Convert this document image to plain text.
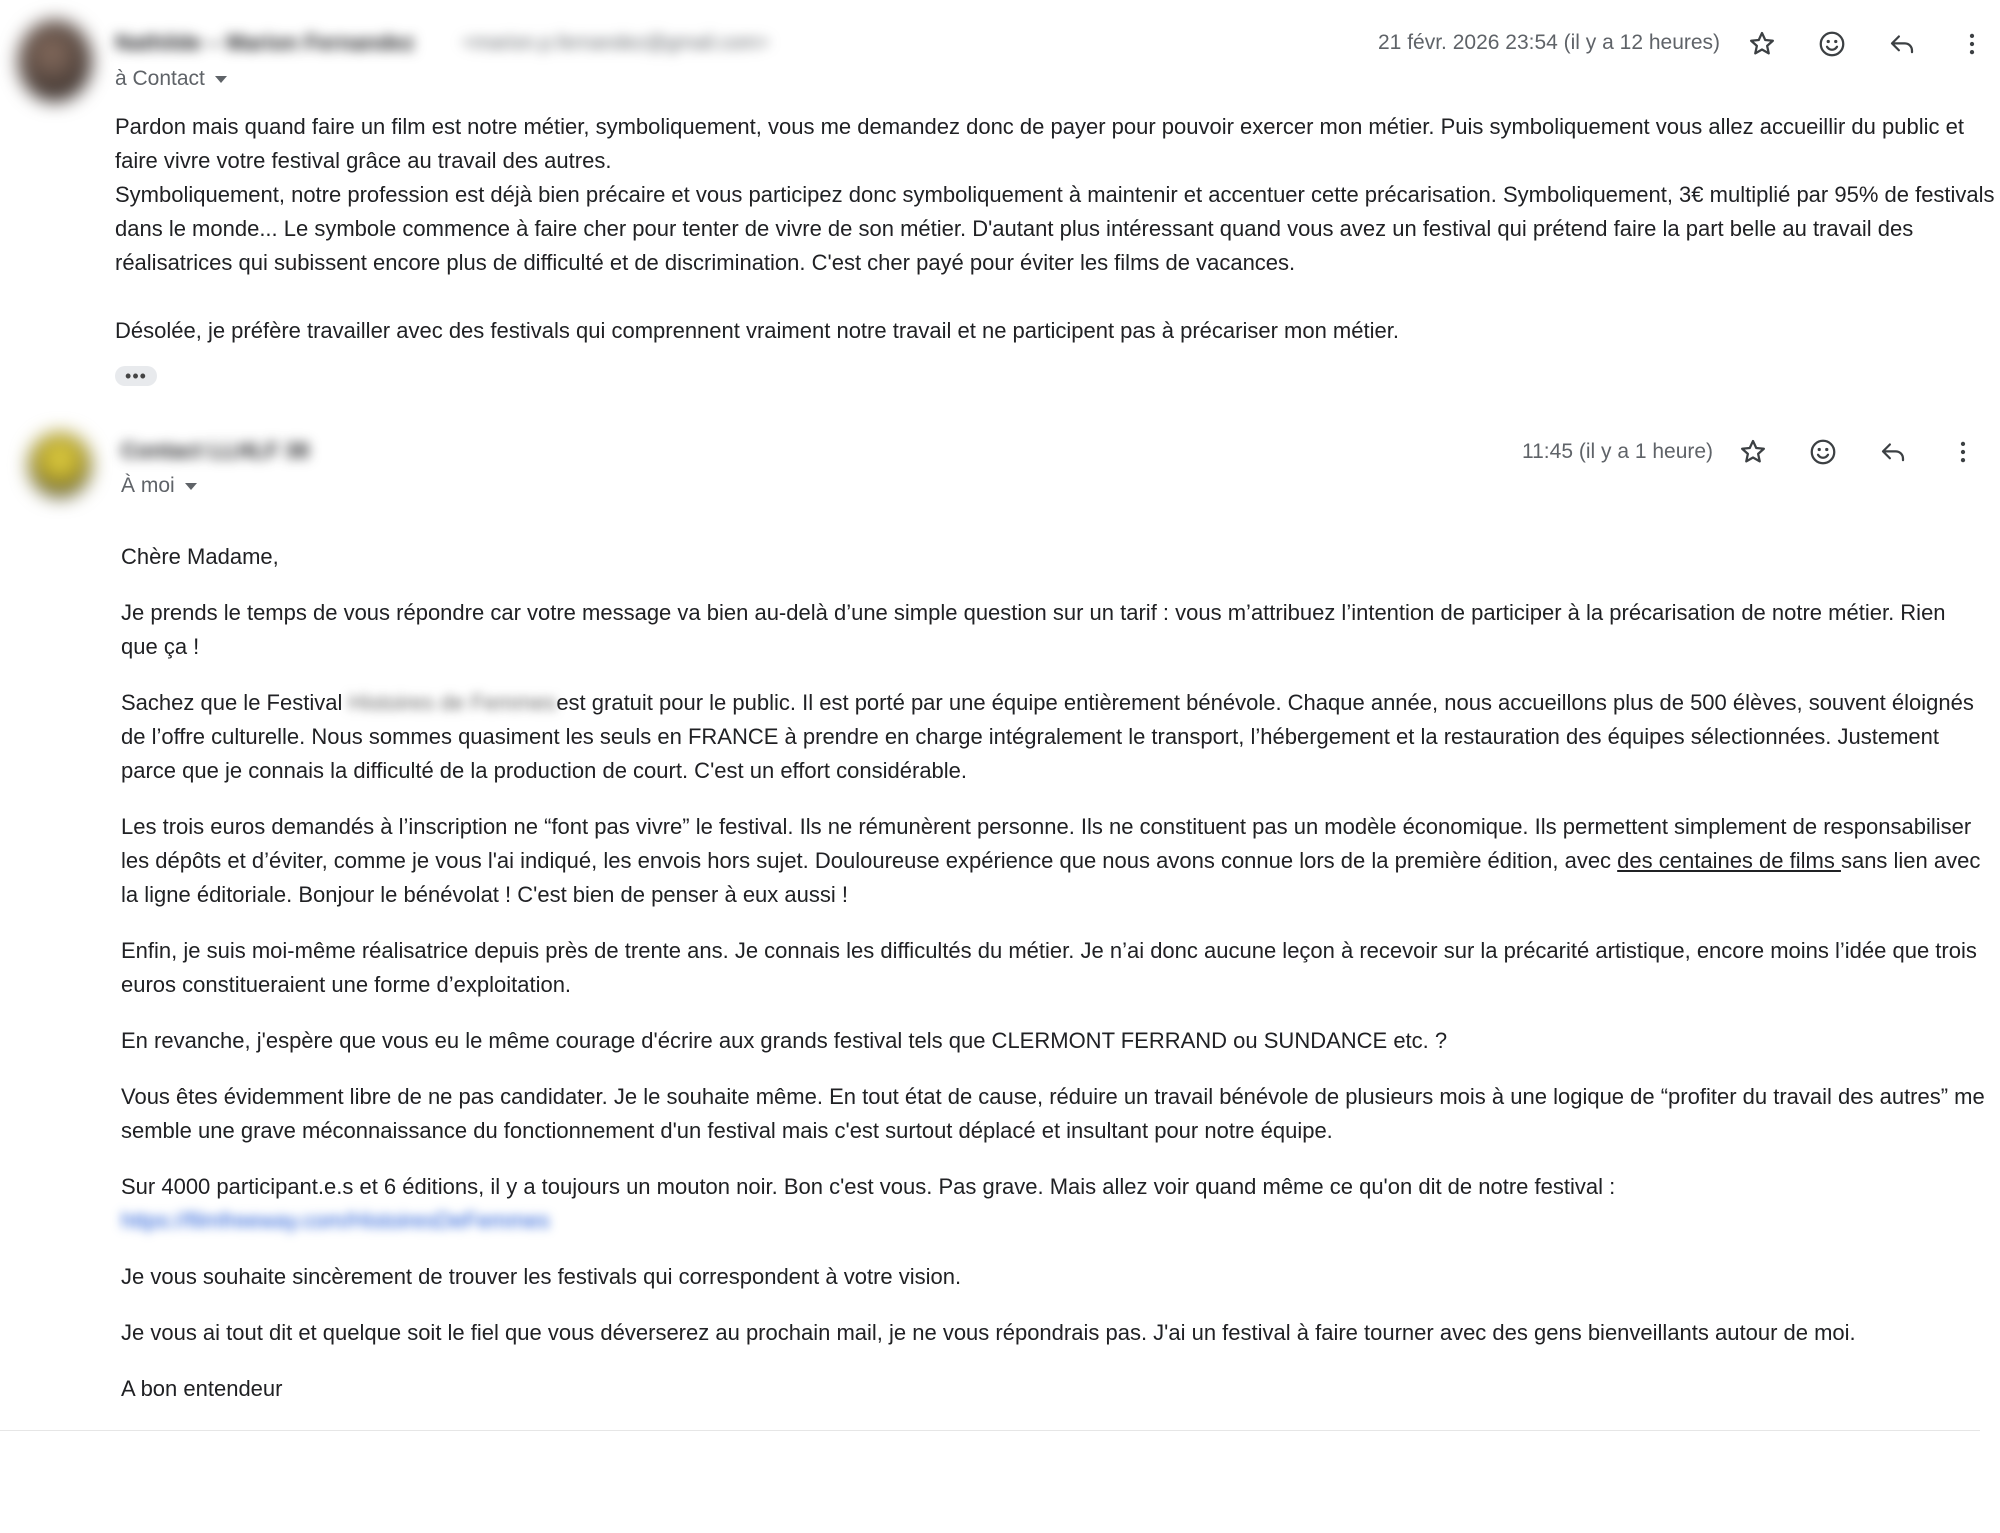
Nathilde – Marion Fernandez <marion.p.fernandez@gmail.com>
à Contact
21 févr. 2026 23:54 (il y a 12 heures)

Pardon mais quand faire un film est notre métier, symboliquement, vous me demandez donc de payer pour pouvoir exercer mon métier. Puis symboliquement vous allez accueillir du public et faire vivre votre festival grâce au travail des autres.

Symboliquement, notre profession est déjà bien précaire et vous participez donc symboliquement à maintenir et accentuer cette précarisation. Symboliquement, 3€ multiplié par 95% de festivals dans le monde... Le symbole commence à faire cher pour tenter de vivre de son métier. D'autant plus intéressant quand vous avez un festival qui prétend faire la part belle au travail des réalisatrices qui subissent encore plus de difficulté et de discrimination. C'est cher payé pour éviter les films de vacances.

Désolée, je préfère travailler avec des festivals qui comprennent vraiment notre travail et ne participent pas à précariser mon métier.

•••
Contact LLHLF 38
À moi
11:45 (il y a 1 heure)

Chère Madame,

Je prends le temps de vous répondre car votre message va bien au-delà d’une simple question sur un tarif : vous m’attribuez l’intention de participer à la précarisation de notre métier. Rien que ça !

Sachez que le Festival Histoires de Femmesest gratuit pour le public. Il est porté par une équipe entièrement bénévole. Chaque année, nous accueillons plus de 500 élèves, souvent éloignés de l’offre culturelle. Nous sommes quasiment les seuls en FRANCE à prendre en charge intégralement le transport, l’hébergement et la restauration des équipes sélectionnées. Justement parce que je connais la difficulté de la production de court. C'est un effort considérable.

Les trois euros demandés à l’inscription ne “font pas vivre” le festival. Ils ne rémunèrent personne. Ils ne constituent pas un modèle économique. Ils permettent simplement de responsabiliser les dépôts et d’éviter, comme je vous l'ai indiqué, les envois hors sujet. Douloureuse expérience que nous avons connue lors de la première édition, avec des centaines de films sans lien avec la ligne éditoriale. Bonjour le bénévolat ! C'est bien de penser à eux aussi !

Enfin, je suis moi-même réalisatrice depuis près de trente ans. Je connais les difficultés du métier. Je n’ai donc aucune leçon à recevoir sur la précarité artistique, encore moins l’idée que trois euros constitueraient une forme d’exploitation.

En revanche, j'espère que vous eu le même courage d'écrire aux grands festival tels que CLERMONT FERRAND ou SUNDANCE etc. ?

Vous êtes évidemment libre de ne pas candidater. Je le souhaite même. En tout état de cause, réduire un travail bénévole de plusieurs mois à une logique de “profiter du travail des autres” me semble une grave méconnaissance du fonctionnement d'un festival mais c'est surtout déplacé et insultant pour notre équipe.

Sur 4000 participant.e.s et 6 éditions, il y a toujours un mouton noir. Bon c'est vous. Pas grave. Mais allez voir quand même ce qu'on dit de notre festival : https://filmfreeway.com/HistoiresDeFemmes

Je vous souhaite sincèrement de trouver les festivals qui correspondent à votre vision.

Je vous ai tout dit et quelque soit le fiel que vous déverserez au prochain mail, je ne vous répondrais pas. J'ai un festival à faire tourner avec des gens bienveillants autour de moi.

A bon entendeur
